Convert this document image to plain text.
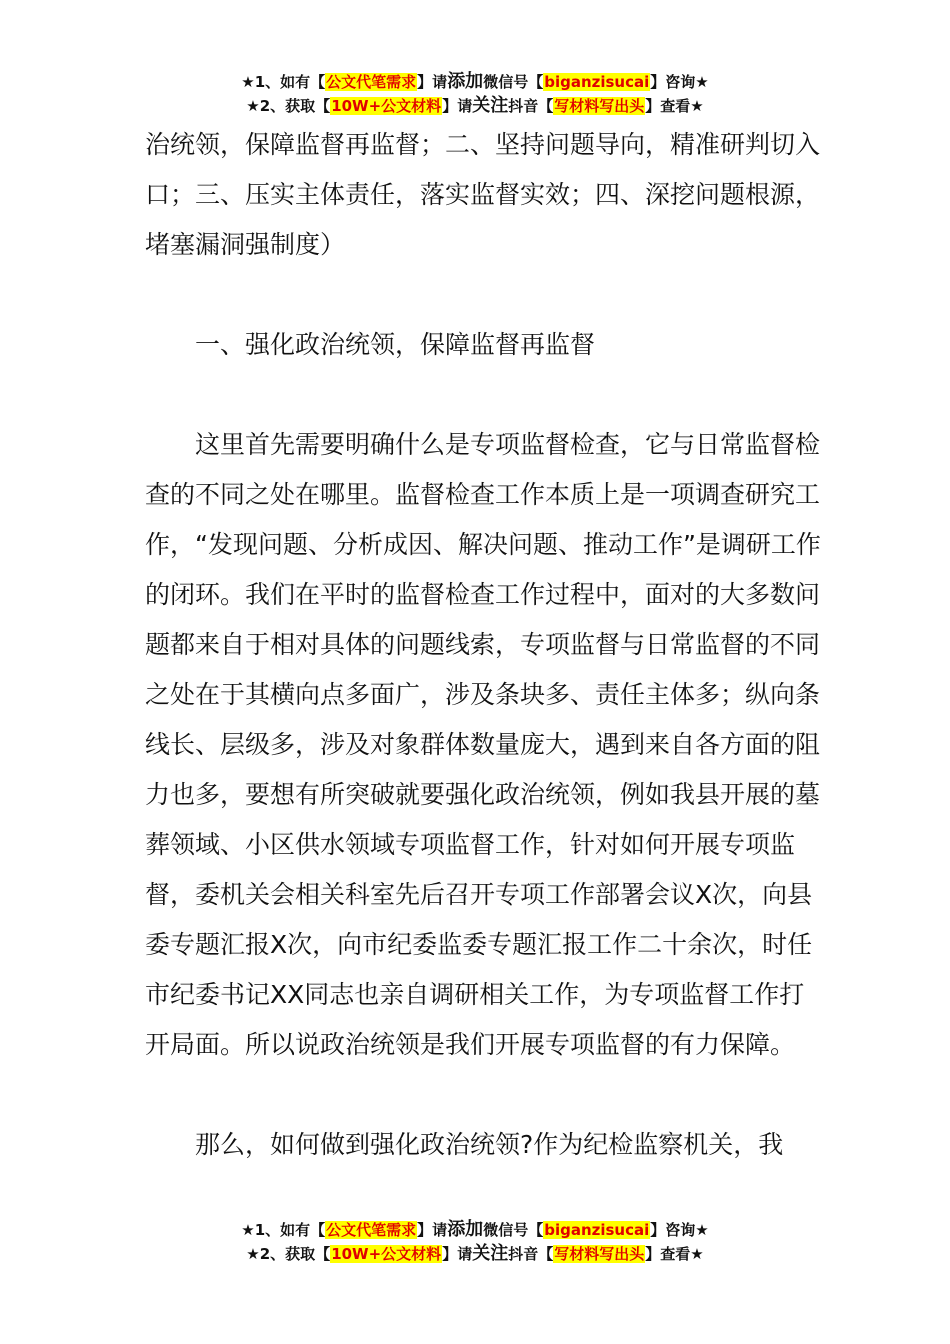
★1、如有【公文代笔需求】请添加微信号【biganzisucai】咨询★
★2、获取【10W+公文材料】请关注抖音【写材料写出头】查看★

治统领，保障监督再监督；二、坚持问题导向，精准研判切入口；三、压实主体责任，落实监督实效；四、深挖问题根源，堵塞漏洞强制度）

一、强化政治统领，保障监督再监督

这里首先需要明确什么是专项监督检查，它与日常监督检查的不同之处在哪里。监督检查工作本质上是一项调查研究工作，“发现问题、分析成因、解决问题、推动工作”是调研工作的闭环。我们在平时的监督检查工作过程中，面对的大多数问题都来自于相对具体的问题线索，专项监督与日常监督的不同之处在于其横向点多面广，涉及条块多、责任主体多；纵向条线长、层级多，涉及对象群体数量庞大，遇到来自各方面的阻力也多，要想有所突破就要强化政治统领，例如我县开展的墓葬领域、小区供水领域专项监督工作，针对如何开展专项监督，委机关会相关科室先后召开专项工作部署会议X次，向县委专题汇报X次，向市纪委监委专题汇报工作二十余次，时任市纪委书记XX同志也亲自调研相关工作，为专项监督工作打开局面。所以说政治统领是我们开展专项监督的有力保障。

那么，如何做到强化政治统领?作为纪检监察机关，我

★1、如有【公文代笔需求】请添加微信号【biganzisucai】咨询★
★2、获取【10W+公文材料】请关注抖音【写材料写出头】查看★
